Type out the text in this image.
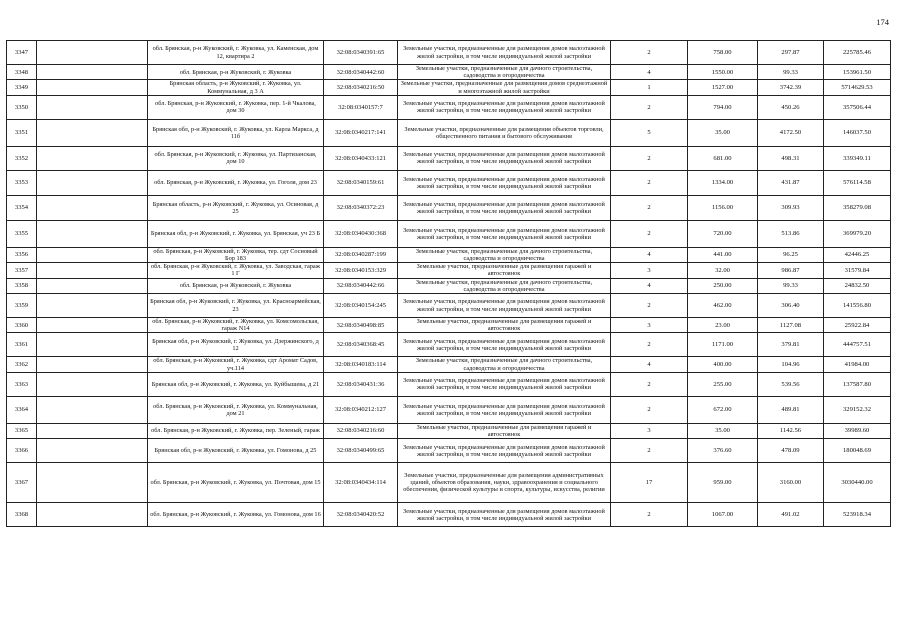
174
3347		обл. Брянская, р-н Жуковский, г. Жуковка, ул. Каменская, дом 12, квартира 2	32:08:0340391:65	Земельные участки, предназначенные для размещения домов малоэтажной жилой застройки, в том числе индивидуальной жилой застройки	2	758.00	297.87	225785.46
3348		обл. Брянская, р-н Жуковский, г. Жуковка	32:08:0340442:60	Земельные участки, предназначенные для дачного строительства, садоводства и огородничества	4	1550.00	99.33	153961.50
3349		Брянская область, р-н Жуковский, г. Жуковка, ул. Коммунальная, д 3 А	32:08:0340216:50	Земельные участки, предназначенные для размещения домов среднеэтажной и многоэтажной жилой застройки	1	1527.00	3742.39	5714629.53
3350		обл. Брянская, р-н Жуковский, г. Жуковка, пер. 1-й Чкалова, дом 30	32:08:0340157:7	Земельные участки, предназначенные для размещения домов малоэтажной жилой застройки, в том числе индивидуальной жилой застройки	2	794.00	450.26	357506.44
3351		Брянская обл, р-н Жуковский, г. Жуковка, ул. Карла Маркса, д 11б	32:08:0340217:141	Земельные участки, предназначенные для размещения объектов торговли, общественного питания и бытового обслуживания	5	35.00	4172.50	146037.50
3352		обл. Брянская, р-н Жуковский, г. Жуковка, ул. Партизанская, дом 10	32:08:0340433:121	Земельные участки, предназначенные для размещения домов малоэтажной жилой застройки, в том числе индивидуальной жилой застройки	2	681.00	498.31	339349.11
3353		обл. Брянская, р-н Жуковский, г. Жуковка, ул. Гоголя, дом 23	32:08:0340159:61	Земельные участки, предназначенные для размещения домов малоэтажной жилой застройки, в том числе индивидуальной жилой застройки	2	1334.00	431.87	576114.58
3354		Брянская область, р-н Жуковский, г. Жуковка, ул. Осиновая, д 25	32:08:0340372:23	Земельные участки, предназначенные для размещения домов малоэтажной жилой застройки, в том числе индивидуальной жилой застройки	2	1156.00	309.93	358279.08
3355		Брянская обл, р-н Жуковский, г. Жуковка, ул. Брянская, уч 23 Б	32:08:0340430:368	Земельные участки, предназначенные для размещения домов малоэтажной жилой застройки, в том числе индивидуальной жилой застройки	2	720.00	513.86	369979.20
3356		обл. Брянская, р-н Жуковский, г. Жуковка, тер. сдт Сосновый Бор 183	32:08:0340287:199	Земельные участки, предназначенные для дачного строительства, садоводства и огородничества	4	441.00	96.25	42446.25
3357		обл. Брянская, р-н Жуковский, г. Жуковка, ул. Заводская, гараж 1 Г	32:08:0340153:329	Земельные участки, предназначенные для размещения гаражей и автостоянок	3	32.00	986.87	31579.84
3358		обл. Брянская, р-н Жуковский, г. Жуковка	32:08:0340442:66	Земельные участки, предназначенные для дачного строительства, садоводства и огородничества	4	250.00	99.33	24832.50
3359		Брянская обл, р-н Жуковский, г. Жуковка, ул. Красноармейская, 23	32:08:0340154:245	Земельные участки, предназначенные для размещения домов малоэтажной жилой застройки, в том числе индивидуальной жилой застройки	2	462.00	306.40	141556.80
3360		обл. Брянская, р-н Жуковский, г. Жуковка, ул. Комсомольская, гараж N14	32:08:0340498:85	Земельные участки, предназначенные для размещения гаражей и автостоянок	3	23.00	1127.08	25922.84
3361		Брянская обл, р-н Жуковский, г. Жуковка, ул. Дзержинского, д 12	32:08:0340368:45	Земельные участки, предназначенные для размещения домов малоэтажной жилой застройки, в том числе индивидуальной жилой застройки	2	1171.00	379.81	444757.51
3362		обл. Брянская, р-н Жуковский, г. Жуковка, сдт Аромат Садов, уч.114	32:08:0340183:114	Земельные участки, предназначенные для дачного строительства, садоводства и огородничества	4	400.00	104.96	41984.00
3363		Брянская обл, р-н Жуковский, г. Жуковка, ул. Куйбышева, д 21	32:08:0340431:36	Земельные участки, предназначенные для размещения домов малоэтажной жилой застройки, в том числе индивидуальной жилой застройки	2	255.00	539.56	137587.80
3364		обл. Брянская, р-н Жуковский, г. Жуковка, ул. Коммунальная, дом 21	32:08:0340212:127	Земельные участки, предназначенные для размещения домов малоэтажной жилой застройки, в том числе индивидуальной жилой застройки	2	672.00	489.81	329152.32
3365		обл. Брянская, р-н Жуковский, г. Жуковка, пер. Зеленый, гараж	32:08:0340216:60	Земельные участки, предназначенные для размещения гаражей и автостоянок	3	35.00	1142.56	39989.60
3366		Брянская обл, р-н Жуковский, г. Жуковка, ул. Гомонова, д 25	32:08:0340499:65	Земельные участки, предназначенные для размещения домов малоэтажной жилой застройки, в том числе индивидуальной жилой застройки	2	376.60	478.09	180048.69
3367		обл. Брянская, р-н Жуковский, г. Жуковка, ул. Почтовая, дом 15	32:08:0340434:114	Земельные участки, предназначенные для размещения административных зданий, объектов образования, науки, здравоохранения и социального обеспечения, физической культуры и спорта, культуры, искусства, религии	17	959.00	3160.00	3030440.00
3368		обл. Брянская, р-н Жуковский, г. Жуковка, ул. Гомонова, дом 16	32:08:0340420:52	Земельные участки, предназначенные для размещения домов малоэтажной жилой застройки, в том числе индивидуальной жилой застройки	2	1067.00	491.02	523918.34
